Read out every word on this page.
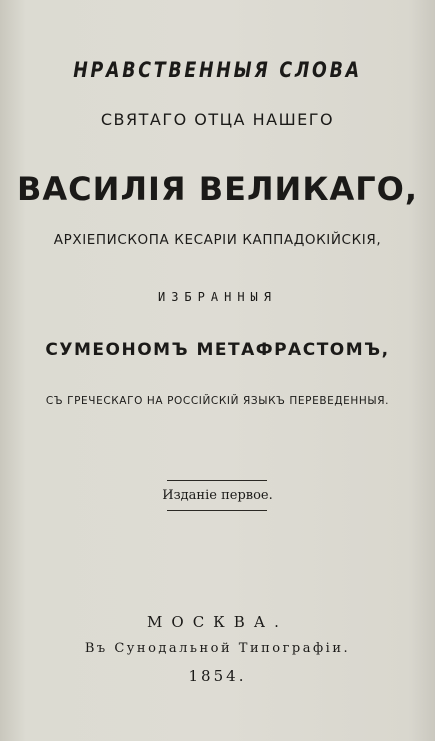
НРАВСТВЕННЫЯ СЛОВА
СВЯТАГО ОТЦА НАШЕГО
ВАСИЛІЯ ВЕЛИКАГО,
АРХІЕПИСКОПА КЕСАРІИ КАППАДОКІЙСКІЯ,
ИЗБРАННЫЯ
СУМЕОНОМЪ МЕТАФРАСТОМЪ,
СЪ ГРЕЧЕСКАГО НА РОССІЙСКІЙ ЯЗЫКЪ ПЕРЕВЕДЕННЫЯ.
Изданіе первое.
МОСКВА.
Въ Сунодальной Типографіи.
1854.
